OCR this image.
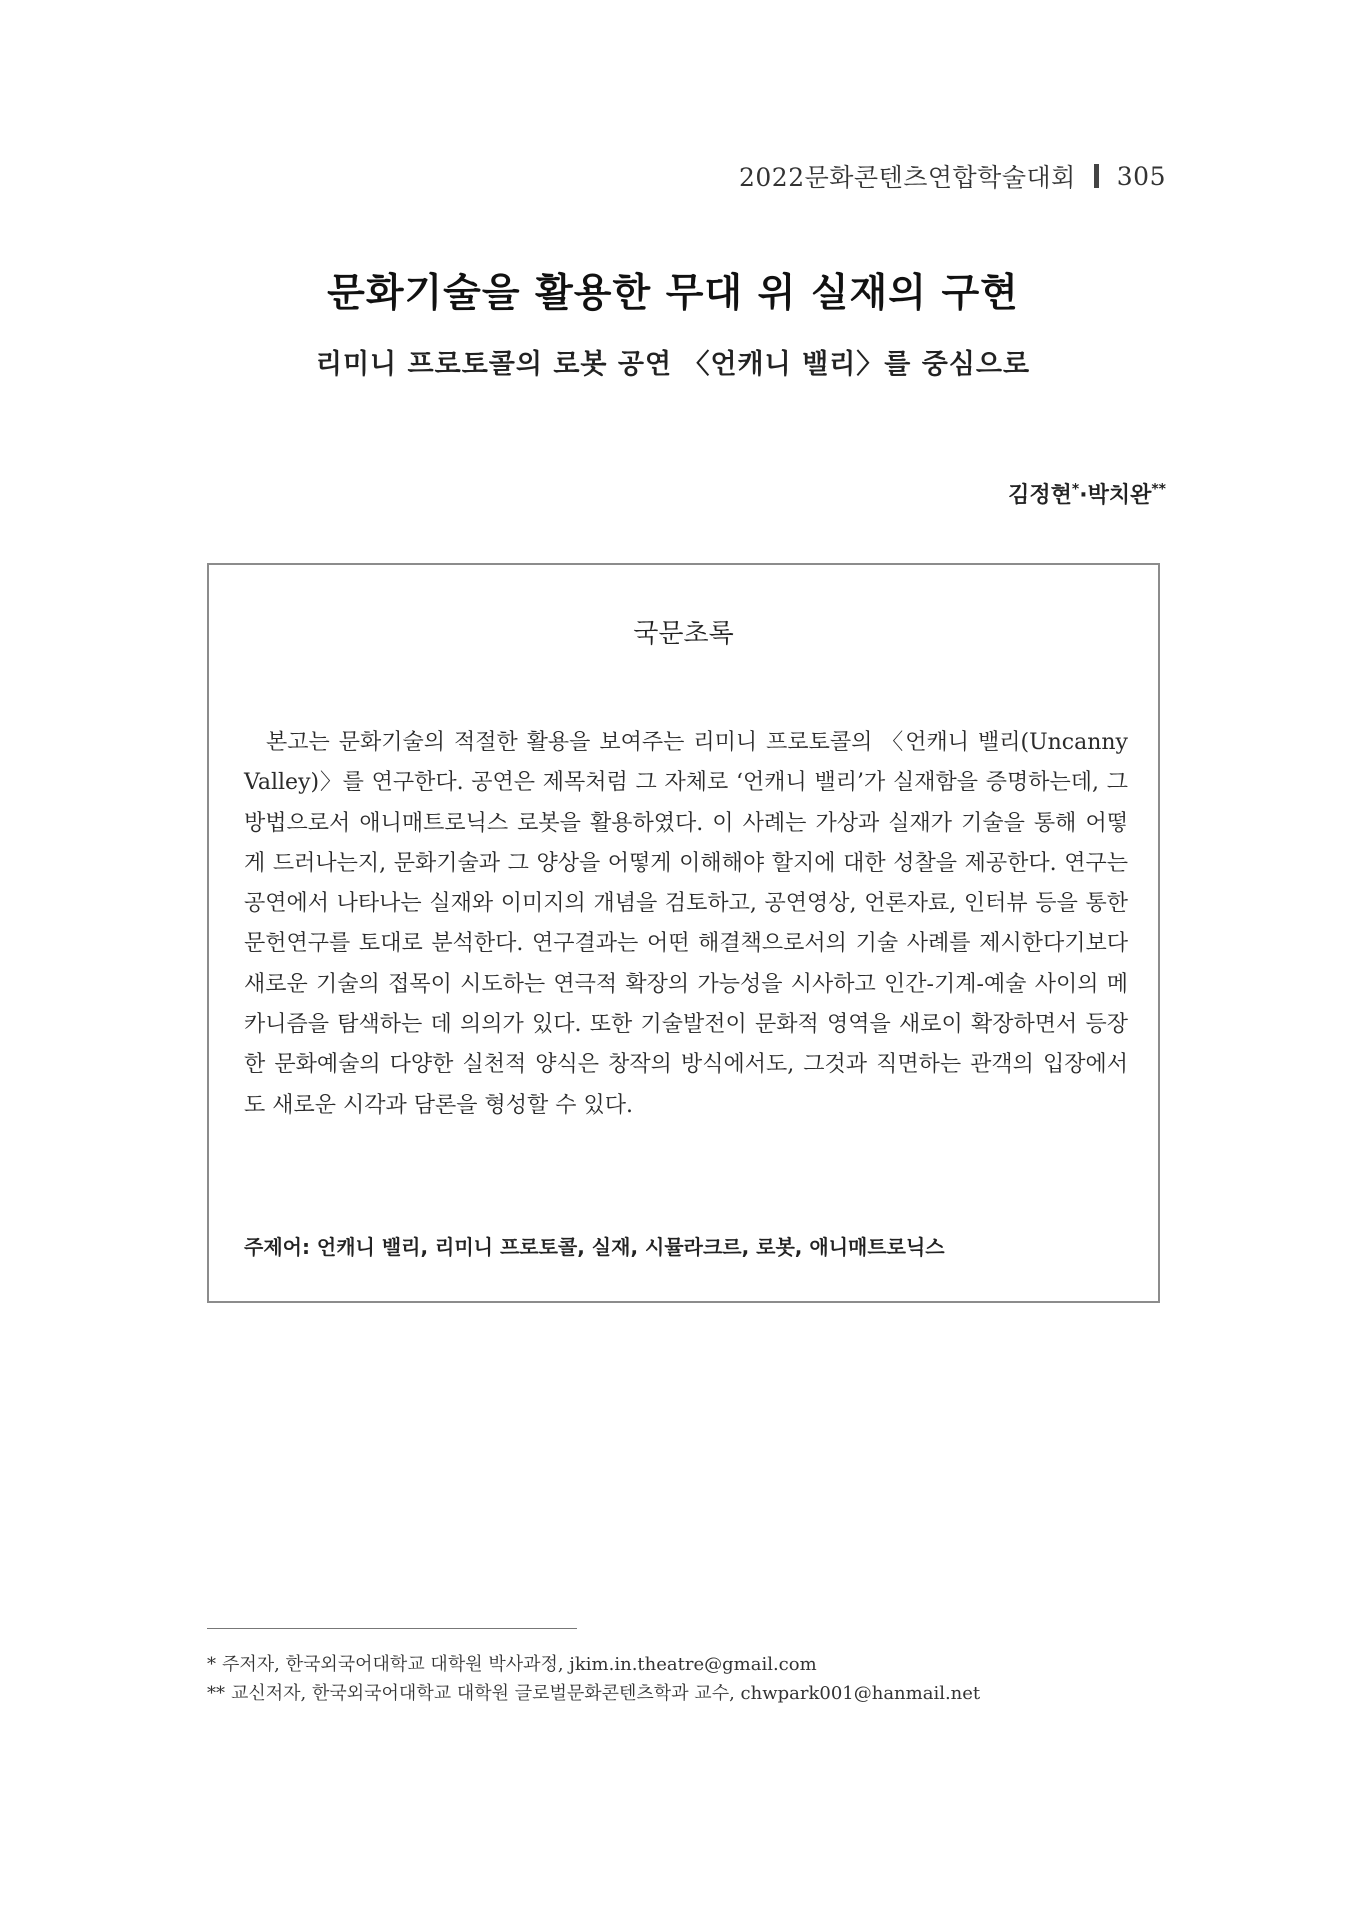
2022문화콘텐츠연합학술대회 305
문화기술을 활용한 무대 위 실재의 구현
리미니 프로토콜의 로봇 공연 〈언캐니 밸리〉를 중심으로
김정현*·박치완**
국문초록
본고는 문화기술의 적절한 활용을 보여주는 리미니 프로토콜의 〈언캐니 밸리(Uncanny Valley)〉를 연구한다. 공연은 제목처럼 그 자체로 ‘언캐니 밸리’가 실재함을 증명하는데, 그 방법으로서 애니매트로닉스 로봇을 활용하였다. 이 사례는 가상과 실재가 기술을 통해 어떻게 드러나는지, 문화기술과 그 양상을 어떻게 이해해야 할지에 대한 성찰을 제공한다. 연구는 공연에서 나타나는 실재와 이미지의 개념을 검토하고, 공연영상, 언론자료, 인터뷰 등을 통한 문헌연구를 토대로 분석한다. 연구결과는 어떤 해결책으로서의 기술 사례를 제시한다기보다 새로운 기술의 접목이 시도하는 연극적 확장의 가능성을 시사하고 인간-기계-예술 사이의 메카니즘을 탐색하는 데 의의가 있다. 또한 기술발전이 문화적 영역을 새로이 확장하면서 등장한 문화예술의 다양한 실천적 양식은 창작의 방식에서도, 그것과 직면하는 관객의 입장에서도 새로운 시각과 담론을 형성할 수 있다.
주제어: 언캐니 밸리, 리미니 프로토콜, 실재, 시뮬라크르, 로봇, 애니매트로닉스
* 주저자, 한국외국어대학교 대학원 박사과정, jkim.in.theatre@gmail.com
** 교신저자, 한국외국어대학교 대학원 글로벌문화콘텐츠학과 교수, chwpark001@hanmail.net
